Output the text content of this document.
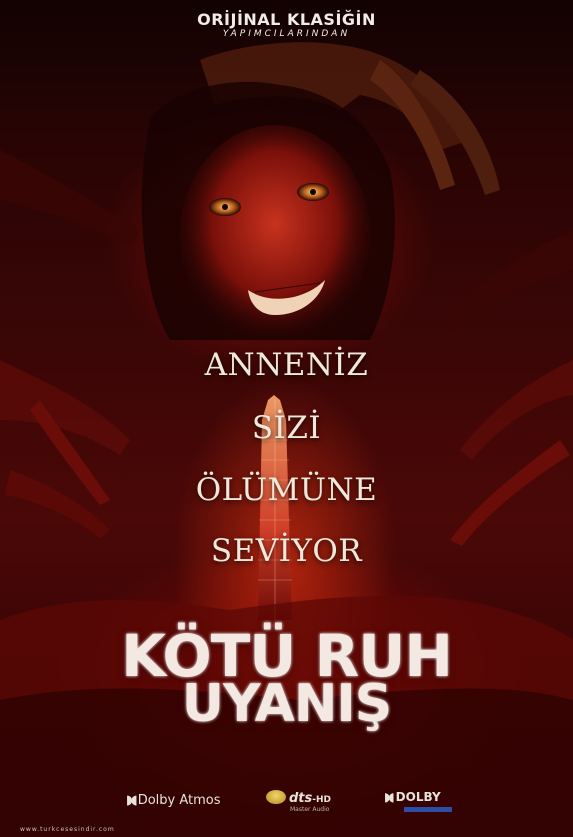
ORİJİNAL KLASİĞİN
YAPIMCILARINDAN
ANNENİZ
SİZİ
ÖLÜMÜNE
SEVİYOR
KÖTÜ RUH
UYANIŞ
◗◖ Dolby Atmos	dts-HD
Master Audio
◗◖ DOLBY
www.turkcesesindir.com
